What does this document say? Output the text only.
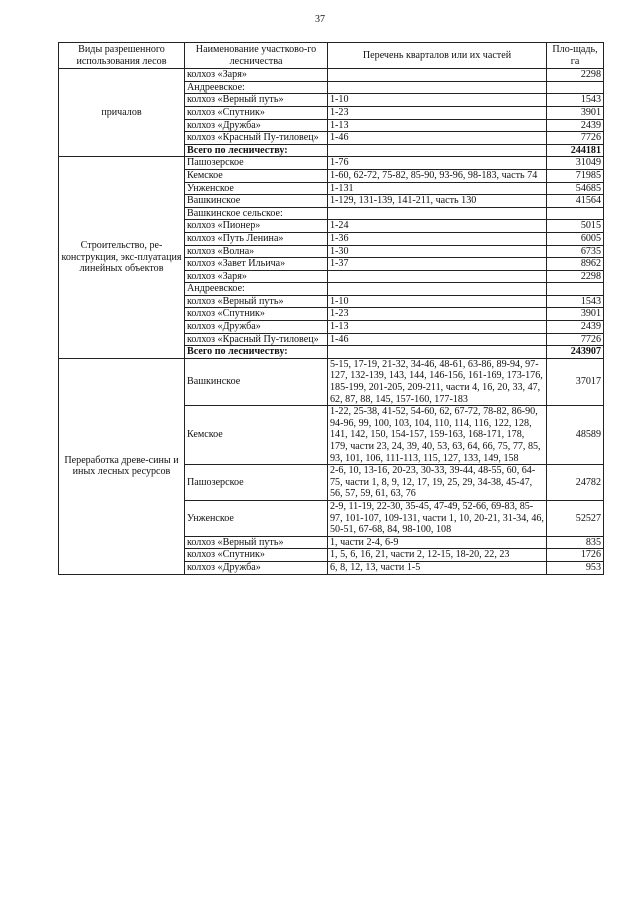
37
Виды разрешенного использования лесов	Наименование участково-го лесничества	Перечень кварталов или их частей	Пло-щадь, га
причалов	колхоз «Заря»		2298
	Андреевское:		
	колхоз «Верный путь»	1-10	1543
	колхоз «Спутник»	1-23	3901
	колхоз «Дружба»	1-13	2439
	колхоз «Красный Пу-тиловец»	1-46	7726
	Всего по лесничеству:		244181
Строительство, ре-конструкция, экс-плуатация линейных объектов	Пашозерское	1-76	31049
	Кемское	1-60, 62-72, 75-82, 85-90, 93-96, 98-183, часть 74	71985
	Унженское	1-131	54685
	Вашкинское	1-129, 131-139, 141-211, часть 130	41564
	Вашкинское сельское:		
	колхоз «Пионер»	1-24	5015
	колхоз «Путь Ленина»	1-36	6005
	колхоз «Волна»	1-30	6735
	колхоз «Завет Ильича»	1-37	8962
	колхоз «Заря»		2298
	Андреевское:		
	колхоз «Верный путь»	1-10	1543
	колхоз «Спутник»	1-23	3901
	колхоз «Дружба»	1-13	2439
	колхоз «Красный Пу-тиловец»	1-46	7726
	Всего по лесничеству:		243907
Переработка древе-сины и иных лесных ресурсов	Вашкинское	5-15, 17-19, 21-32, 34-46, 48-61, 63-86, 89-94, 97-127, 132-139, 143, 144, 146-156, 161-169, 173-176, 185-199, 201-205, 209-211, части 4, 16, 20, 33, 47, 62, 87, 88, 145, 157-160, 177-183	37017
	Кемское	1-22, 25-38, 41-52, 54-60, 62, 67-72, 78-82, 86-90, 94-96, 99, 100, 103, 104, 110, 114, 116, 122, 128, 141, 142, 150, 154-157, 159-163, 168-171, 178, 179, части 23, 24, 39, 40, 53, 63, 64, 66, 75, 77, 85, 93, 101, 106, 111-113, 115, 127, 133, 149, 158	48589
	Пашозерское	2-6, 10, 13-16, 20-23, 30-33, 39-44, 48-55, 60, 64-75, части 1, 8, 9, 12, 17, 19, 25, 29, 34-38, 45-47, 56, 57, 59, 61, 63, 76	24782
	Унженское	2-9, 11-19, 22-30, 35-45, 47-49, 52-66, 69-83, 85-97, 101-107, 109-131, части 1, 10, 20-21, 31-34, 46, 50-51, 67-68, 84, 98-100, 108	52527
	колхоз «Верный путь»	1, части 2-4, 6-9	835
	колхоз «Спутник»	1, 5, 6, 16, 21, части 2, 12-15, 18-20, 22, 23	1726
	колхоз «Дружба»	6, 8, 12, 13, части 1-5	953
